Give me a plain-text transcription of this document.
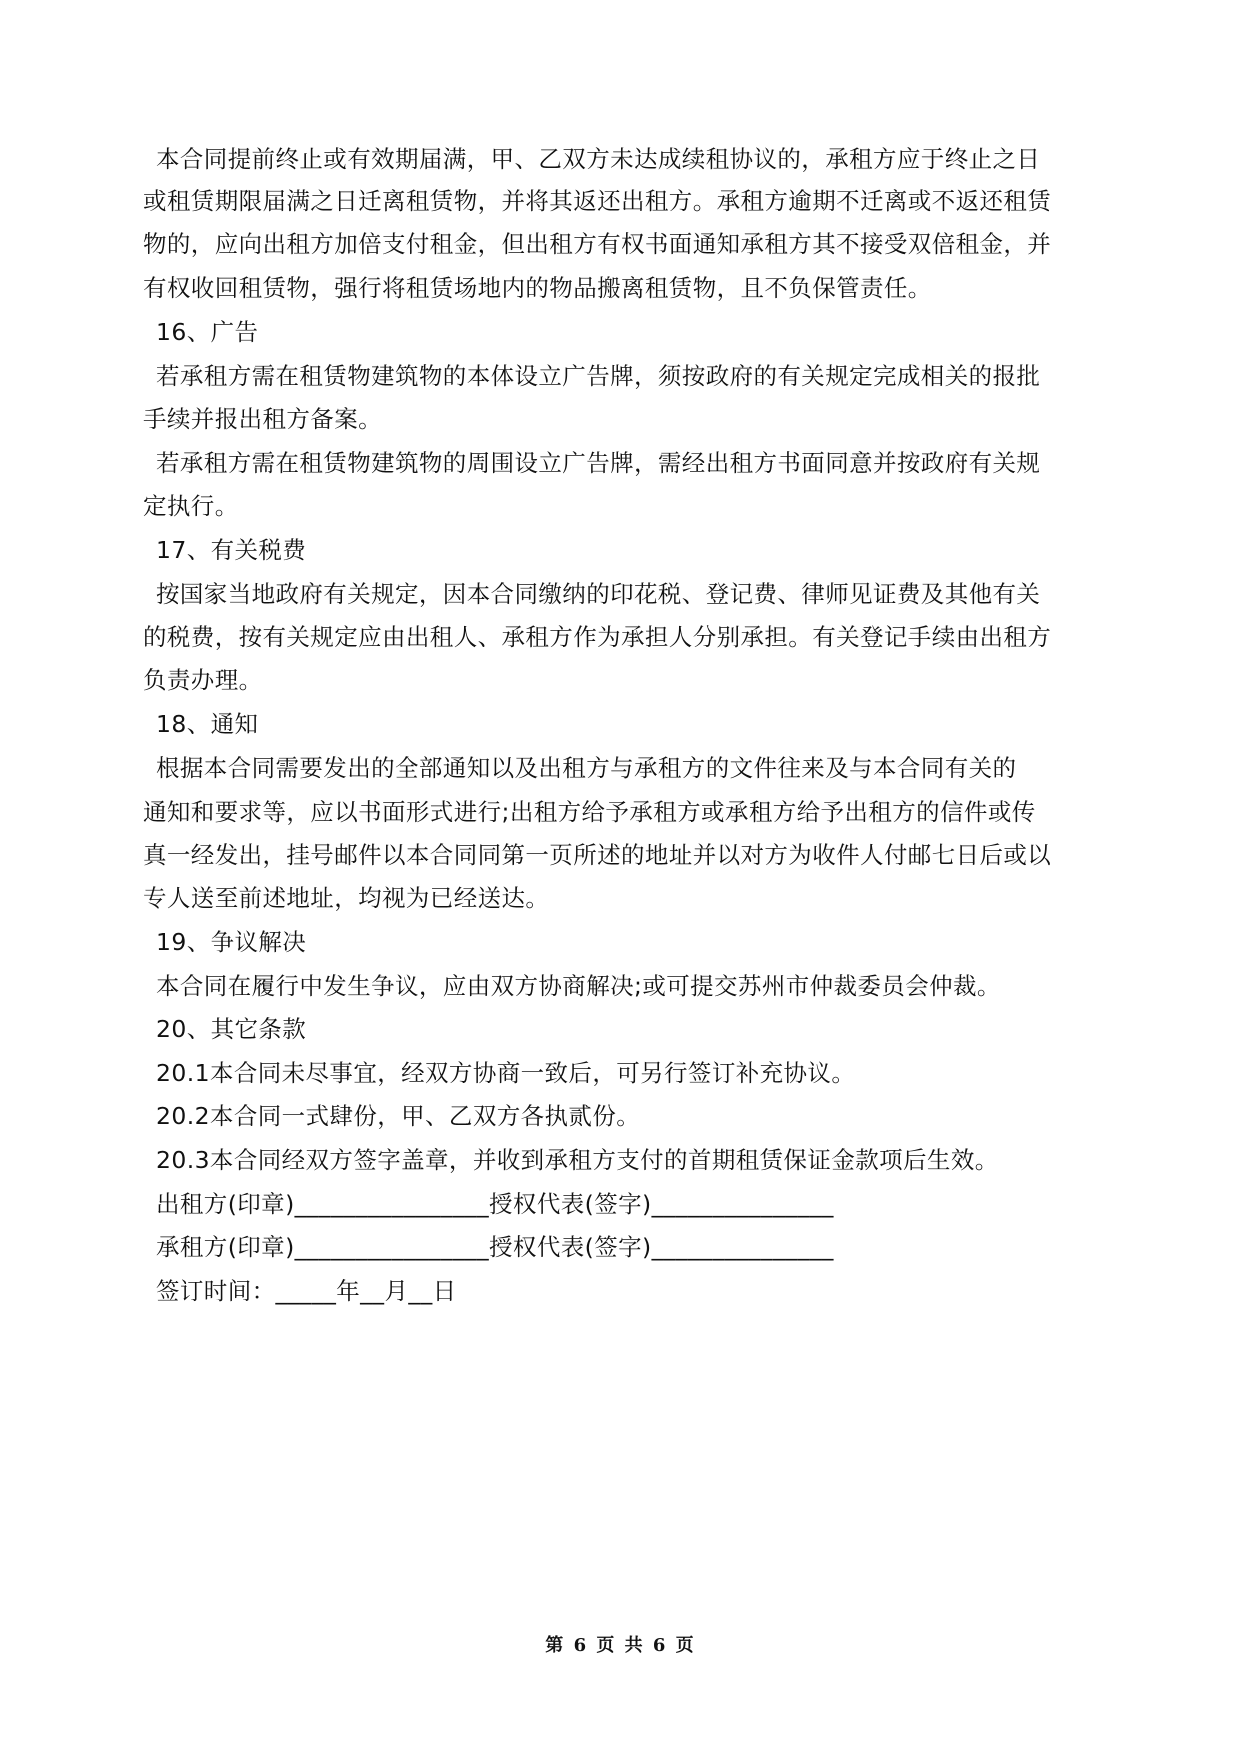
本合同提前终止或有效期届满，甲、乙双方未达成续租协议的，承租方应于终止之日
或租赁期限届满之日迁离租赁物，并将其返还出租方。承租方逾期不迁离或不返还租赁
物的，应向出租方加倍支付租金，但出租方有权书面通知承租方其不接受双倍租金，并
有权收回租赁物，强行将租赁场地内的物品搬离租赁物，且不负保管责任。
16、广告
若承租方需在租赁物建筑物的本体设立广告牌，须按政府的有关规定完成相关的报批
手续并报出租方备案。
若承租方需在租赁物建筑物的周围设立广告牌，需经出租方书面同意并按政府有关规
定执行。
17、有关税费
按国家当地政府有关规定，因本合同缴纳的印花税、登记费、律师见证费及其他有关
的税费，按有关规定应由出租人、承租方作为承担人分别承担。有关登记手续由出租方
负责办理。
18、通知
根据本合同需要发出的全部通知以及出租方与承租方的文件往来及与本合同有关的
通知和要求等，应以书面形式进行;出租方给予承租方或承租方给予出租方的信件或传
真一经发出，挂号邮件以本合同同第一页所述的地址并以对方为收件人付邮七日后或以
专人送至前述地址，均视为已经送达。
19、争议解决
本合同在履行中发生争议，应由双方协商解决;或可提交苏州市仲裁委员会仲裁。
20、其它条款
20.1本合同未尽事宜，经双方协商一致后，可另行签订补充协议。
20.2本合同一式肆份，甲、乙双方各执贰份。
20.3本合同经双方签字盖章，并收到承租方支付的首期租赁保证金款项后生效。
出租方(印章)________________授权代表(签字)_______________
承租方(印章)________________授权代表(签字)_______________
签订时间：_____年__月__日
第 6 页 共 6 页
